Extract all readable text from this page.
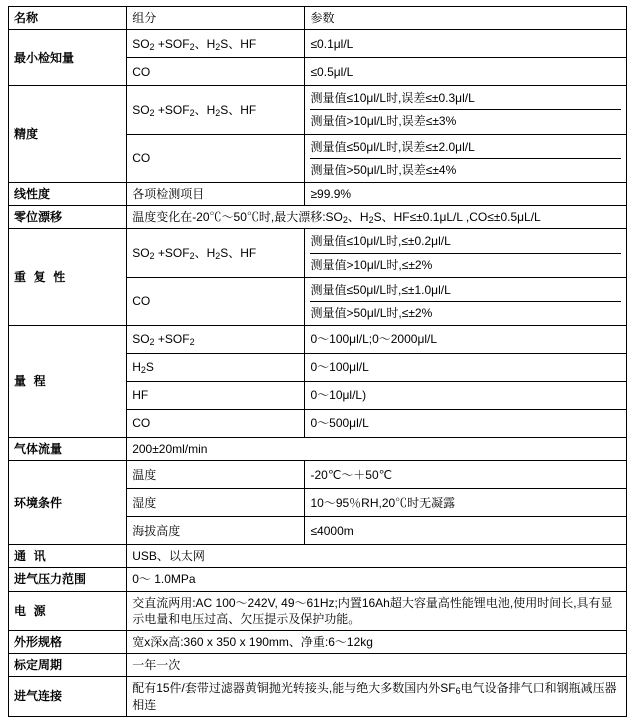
名称	组分	参数
最小检知量	$SO_2 +SOF_2$、$H_2S$、HF	≤0.1μl/L
	CO	≤0.5μl/L
精度	$SO_2 +SOF_2$、$H_2S$、HF	测量值≤10μl/L时,误差≤±0.3μl/L
测量值>10μl/L时,误差≤±3%

	CO	测量值≤50μl/L时,误差≤±2.0μl/L
测量值>50μl/L时,误差≤±4%

线性度	各项检测项目	≥99.9%
零位漂移	温度变化在-20℃～50℃时,最大漂移$:SO_2$、$H_2S$、HF≤±0.1μL/L ,CO≤±0.5μL/L	
重 复 性	$SO_2 +SOF_2$、$H_2S$、HF	测量值≤10μl/L时,≤±0.2μl/L
测量值>10μl/L时,≤±2%

	CO	测量值≤50μl/L时,≤±1.0μl/L
测量值>50μl/L时,≤±2%

量 程	$SO_2 +SOF_2$	0～100μl/L;0～2000μl/L
	$H_2S$	0～100μl/L
	HF	0～10μl/L)
	CO	0～500μl/L
气体流量	200±20ml/min	
环境条件	温度	-20℃～＋50℃
	湿度	10～95％RH,20℃时无凝露
	海拔高度	≤4000m
通 讯	USB、以太网	
进气压力范围	0～ 1.0MPa	
电 源	交直流两用:AC 100～242V, 49～61Hz;内置16Ah超大容量高性能锂电池,使用时间长,具有显示电量和电压过高、欠压提示及保护功能。	
外形规格	宽x深x高:360 x 350 x 190mm、净重:6～12kg	
标定周期	一年一次	
进气连接	配有15件/套带过滤器黄铜抛光转接头,能与绝大多数国内外$SF_6$电气设备排气口和钢瓶减压器相连	
